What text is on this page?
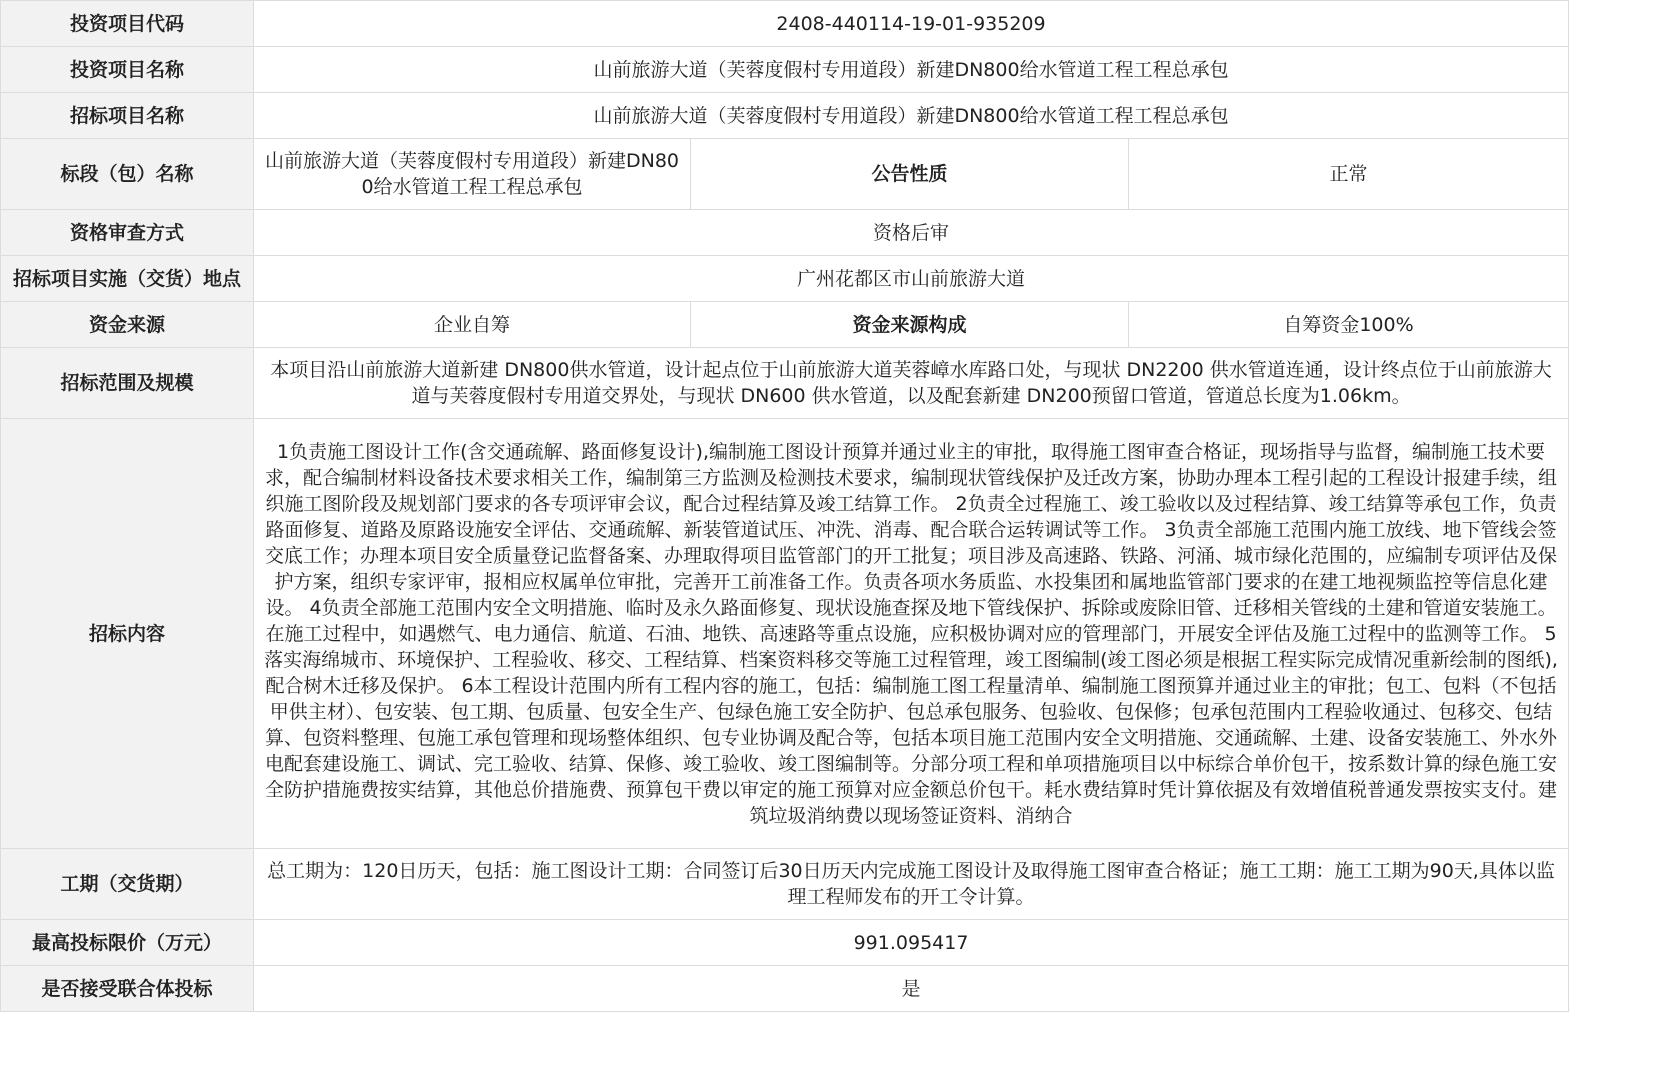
投资项目代码	2408-440114-19-01-935209		
投资项目名称	山前旅游大道（芙蓉度假村专用道段）新建DN800给水管道工程工程总承包		
招标项目名称	山前旅游大道（芙蓉度假村专用道段）新建DN800给水管道工程工程总承包		
标段（包）名称	山前旅游大道（芙蓉度假村专用道段）新建DN800给水管道工程工程总承包	公告性质	正常
资格审查方式	资格后审		
招标项目实施（交货）地点	广州花都区市山前旅游大道		
资金来源	企业自筹	资金来源构成	自筹资金100%
招标范围及规模	本项目沿山前旅游大道新建 DN800供水管道，设计起点位于山前旅游大道芙蓉嶂水库路口处，与现状 DN2200 供水管道连通，设计终点位于山前旅游大道与芙蓉度假村专用道交界处，与现状 DN600 供水管道，以及配套新建 DN200预留口管道，管道总长度为1.06km。		
招标内容	1负责施工图设计工作(含交通疏解、路面修复设计),编制施工图设计预算并通过业主的审批，取得施工图审查合格证，现场指导与监督，编制施工技术要求，配合编制材料设备技术要求相关工作，编制第三方监测及检测技术要求，编制现状管线保护及迁改方案，协助办理本工程引起的工程设计报建手续，组织施工图阶段及规划部门要求的各专项评审会议，配合过程结算及竣工结算工作。 2负责全过程施工、竣工验收以及过程结算、竣工结算等承包工作，负责路面修复、道路及原路设施安全评估、交通疏解、新装管道试压、冲洗、消毒、配合联合运转调试等工作。 3负责全部施工范围内施工放线、地下管线会签交底工作；办理本项目安全质量登记监督备案、办理取得项目监管部门的开工批复；项目涉及高速路、铁路、河涌、城市绿化范围的，应编制专项评估及保护方案，组织专家评审，报相应权属单位审批，完善开工前准备工作。负责各项水务质监、水投集团和属地监管部门要求的在建工地视频监控等信息化建设。 4负责全部施工范围内安全文明措施、临时及永久路面修复、现状设施查探及地下管线保护、拆除或废除旧管、迁移相关管线的土建和管道安装施工。在施工过程中，如遇燃气、电力通信、航道、石油、地铁、高速路等重点设施，应积极协调对应的管理部门，开展安全评估及施工过程中的监测等工作。 5落实海绵城市、环境保护、工程验收、移交、工程结算、档案资料移交等施工过程管理，竣工图编制(竣工图必须是根据工程实际完成情况重新绘制的图纸),配合树木迁移及保护。 6本工程设计范围内所有工程内容的施工，包括：编制施工图工程量清单、编制施工图预算并通过业主的审批；包工、包料（不包括甲供主材）、包安装、包工期、包质量、包安全生产、包绿色施工安全防护、包总承包服务、包验收、包保修；包承包范围内工程验收通过、包移交、包结算、包资料整理、包施工承包管理和现场整体组织、包专业协调及配合等，包括本项目施工范围内安全文明措施、交通疏解、土建、设备安装施工、外水外电配套建设施工、调试、完工验收、结算、保修、竣工验收、竣工图编制等。分部分项工程和单项措施项目以中标综合单价包干，按系数计算的绿色施工安全防护措施费按实结算，其他总价措施费、预算包干费以审定的施工预算对应金额总价包干。耗水费结算时凭计算依据及有效增值税普通发票按实支付。建筑垃圾消纳费以现场签证资料、消纳合		
工期（交货期）	总工期为：120日历天，包括：施工图设计工期：合同签订后30日历天内完成施工图设计及取得施工图审查合格证；施工工期：施工工期为90天,具体以监理工程师发布的开工令计算。		
最高投标限价（万元）	991.095417		
是否接受联合体投标	是		
